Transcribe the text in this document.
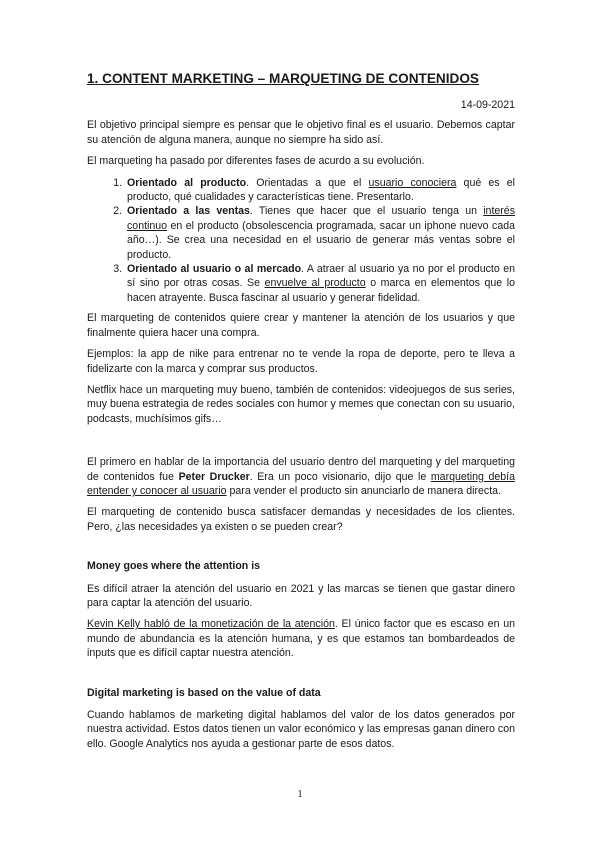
1. CONTENT MARKETING – MARQUETING DE CONTENIDOS
14-09-2021

El objetivo principal siempre es pensar que le objetivo final es el usuario. Debemos captar su atención de alguna manera, aunque no siempre ha sido así.

El marqueting ha pasado por diferentes fases de acurdo a su evolución.

1. Orientado al producto. Orientadas a que el usuario conociera qué es el producto, qué cualidades y características tiene. Presentarlo.
2. Orientado a las ventas. Tienes que hacer que el usuario tenga un interés continuo en el producto (obsolescencia programada, sacar un iphone nuevo cada año…). Se crea una necesidad en el usuario de generar más ventas sobre el producto.
3. Orientado al usuario o al mercado. A atraer al usuario ya no por el producto en sí sino por otras cosas. Se envuelve al producto o marca en elementos que lo hacen atrayente. Busca fascinar al usuario y generar fidelidad.

El marqueting de contenidos quiere crear y mantener la atención de los usuarios y que finalmente quiera hacer una compra.

Ejemplos: la app de nike para entrenar no te vende la ropa de deporte, pero te lleva a fidelizarte con la marca y comprar sus productos.

Netflix hace un marqueting muy bueno, también de contenidos: videojuegos de sus series, muy buena estrategia de redes sociales con humor y memes que conectan con su usuario, podcasts, muchísimos gifs…

El primero en hablar de la importancia del usuario dentro del marqueting y del marqueting de contenidos fue Peter Drucker. Era un poco visionario, dijo que le marqueting debía entender y conocer al usuario para vender el producto sin anunciarlo de manera directa.

El marqueting de contenido busca satisfacer demandas y necesidades de los clientes. Pero, ¿las necesidades ya existen o se pueden crear?

Money goes where the attention is

Es difícil atraer la atención del usuario en 2021 y las marcas se tienen que gastar dinero para captar la atención del usuario.

Kevin Kelly habló de la monetización de la atención. El único factor que es escaso en un mundo de abundancia es la atención humana, y es que estamos tan bombardeados de inputs que es difícil captar nuestra atención.

Digital marketing is based on the value of data

Cuando hablamos de marketing digital hablamos del valor de los datos generados por nuestra actividad. Estos datos tienen un valor económico y las empresas ganan dinero con ello. Google Analytics nos ayuda a gestionar parte de esos datos.

1
